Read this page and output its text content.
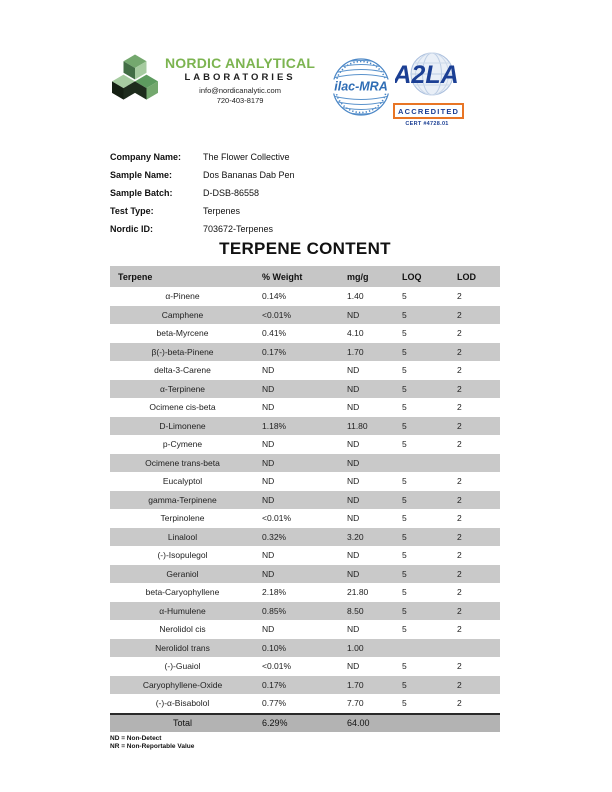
NORDIC ANALYTICAL
LABORATORIES
info@nordicanalytic.com
720-403-8179
ilac-MRA A2LA
ACCREDITED
CERT #4728.01
Company Name:	The Flower Collective
Sample Name:	Dos Bananas Dab Pen
Sample Batch:	D-DSB-86558
Test Type:	Terpenes
Nordic ID:	703672-Terpenes
TERPENE CONTENT
Terpene	% Weight	mg/g	LOQ	LOD
α-Pinene	0.14%	1.40	5	2
Camphene	<0.01%	ND	5	2
beta-Myrcene	0.41%	4.10	5	2
β(-)-beta-Pinene	0.17%	1.70	5	2
delta-3-Carene	ND	ND	5	2
α-Terpinene	ND	ND	5	2
Ocimene cis-beta	ND	ND	5	2
D-Limonene	1.18%	11.80	5	2
p-Cymene	ND	ND	5	2
Ocimene trans-beta	ND	ND
Eucalyptol	ND	ND	5	2
gamma-Terpinene	ND	ND	5	2
Terpinolene	<0.01%	ND	5	2
Linalool	0.32%	3.20	5	2
(-)-Isopulegol	ND	ND	5	2
Geraniol	ND	ND	5	2
beta-Caryophyllene	2.18%	21.80	5	2
α-Humulene	0.85%	8.50	5	2
Nerolidol cis	ND	ND	5	2
Nerolidol trans	0.10%	1.00
(-)-Guaiol	<0.01%	ND	5	2
Caryophyllene-Oxide	0.17%	1.70	5	2
(-)-α-Bisabolol	0.77%	7.70	5	2
Total	6.29%	64.00
ND = Non-Detect
NR = Non-Reportable Value
